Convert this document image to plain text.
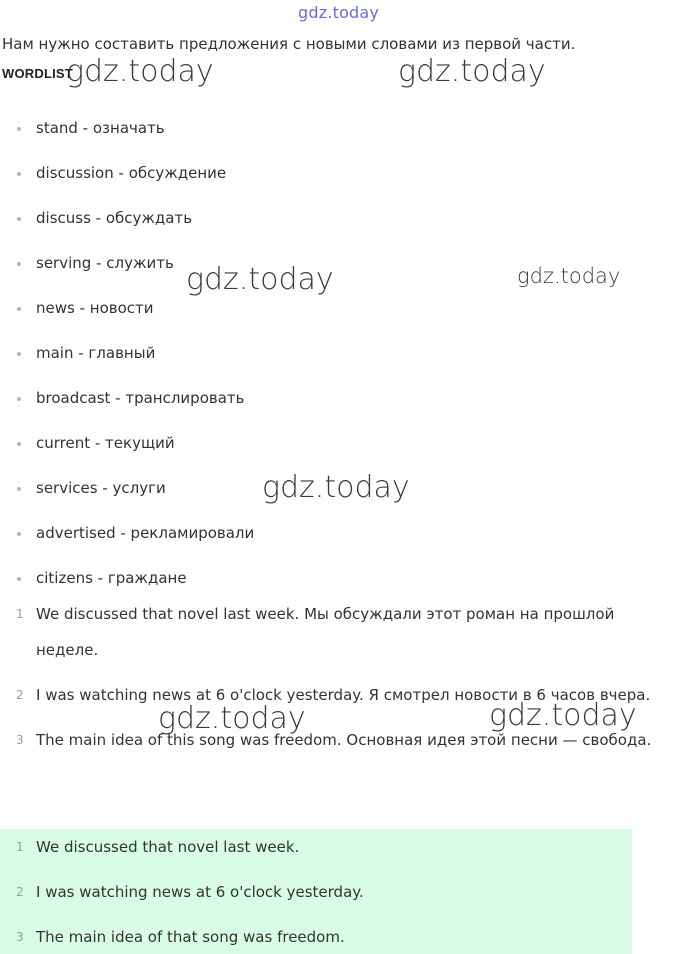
gdz.today
Нам нужно составить предложения с новыми словами из первой части.
WORDLIST
stand - означать
discussion - обсуждение
discuss - обсуждать
serving - служить
news - новости
main - главный
broadcast - транслировать
current - текущий
services - услуги
advertised - рекламировали
citizens - граждане
1 We discussed that novel last week. Мы обсуждали этот роман на прошлой неделе.
2 I was watching news at 6 o'clock yesterday. Я смотрел новости в 6 часов вчера.
3 The main idea of this song was freedom. Основная идея этой песни — свобода.
1 We discussed that novel last week.
2 I was watching news at 6 o'clock yesterday.
3 The main idea of that song was freedom.
gdz.today	gdz.today
gdz.today	gdz.today
gdz.today
gdz.today	gdz.today
